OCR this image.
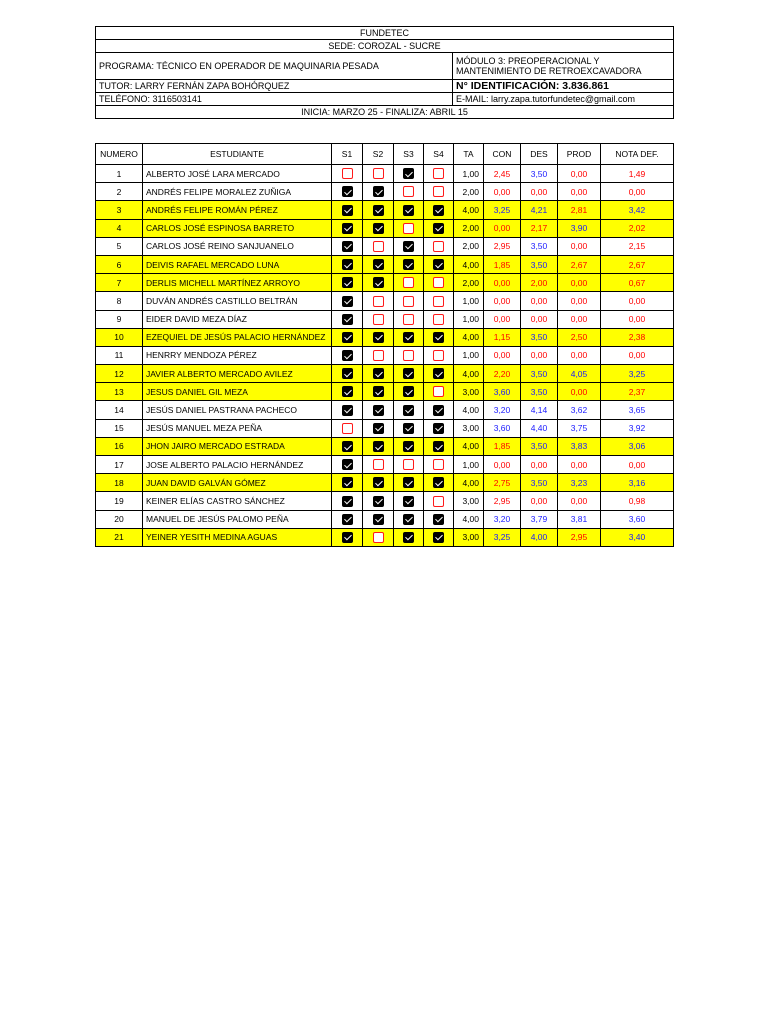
FUNDETEC	
SEDE: COROZAL - SUCRE	
PROGRAMA: TÉCNICO EN OPERADOR DE MAQUINARIA PESADA	MÓDULO 3: PREOPERACIONAL Y
MANTENIMIENTO DE RETROEXCAVADORA

TUTOR: LARRY FERNÁN ZAPA BOHÓRQUEZ	N° IDENTIFICACIÓN: 3.836.861
TELÉFONO: 3116503141	E-MAIL: larry.zapa.tutorfundetec@gmail.com
INICIA: MARZO 25 - FINALIZA: ABRIL 15	
NUMERO	ESTUDIANTE	S1	S2	S3	S4	TA	CON	DES	PROD	NOTA DEF.
1	ALBERTO JOSÉ LARA MERCADO					1,00	2,45	3,50	0,00	1,49
2	ANDRÉS FELIPE MORALEZ ZUÑIGA					2,00	0,00	0,00	0,00	0,00
3	ANDRÉS FELIPE ROMÁN PÉREZ					4,00	3,25	4,21	2,81	3,42
4	CARLOS JOSÉ ESPINOSA BARRETO					2,00	0,00	2,17	3,90	2,02
5	CARLOS JOSÉ REINO SANJUANELO					2,00	2,95	3,50	0,00	2,15
6	DEIVIS RAFAEL MERCADO LUNA					4,00	1,85	3,50	2,67	2,67
7	DERLIS MICHELL MARTÍNEZ ARROYO					2,00	0,00	2,00	0,00	0,67
8	DUVÁN ANDRÉS CASTILLO BELTRÁN					1,00	0,00	0,00	0,00	0,00
9	EIDER DAVID MEZA DÍAZ					1,00	0,00	0,00	0,00	0,00
10	EZEQUIEL DE JESÚS PALACIO HERNÁNDEZ					4,00	1,15	3,50	2,50	2,38
11	HENRRY MENDOZA PÉREZ					1,00	0,00	0,00	0,00	0,00
12	JAVIER ALBERTO MERCADO AVILEZ					4,00	2,20	3,50	4,05	3,25
13	JESUS DANIEL GIL MEZA					3,00	3,60	3,50	0,00	2,37
14	JESÚS DANIEL PASTRANA PACHECO					4,00	3,20	4,14	3,62	3,65
15	JESÚS MANUEL MEZA PEÑA					3,00	3,60	4,40	3,75	3,92
16	JHON JAIRO MERCADO ESTRADA					4,00	1,85	3,50	3,83	3,06
17	JOSE ALBERTO PALACIO HERNÁNDEZ					1,00	0,00	0,00	0,00	0,00
18	JUAN DAVID GALVÁN GÓMEZ					4,00	2,75	3,50	3,23	3,16
19	KEINER ELÍAS CASTRO SÁNCHEZ					3,00	2,95	0,00	0,00	0,98
20	MANUEL DE JESÚS PALOMO PEÑA					4,00	3,20	3,79	3,81	3,60
21	YEINER YESITH MEDINA AGUAS					3,00	3,25	4,00	2,95	3,40
